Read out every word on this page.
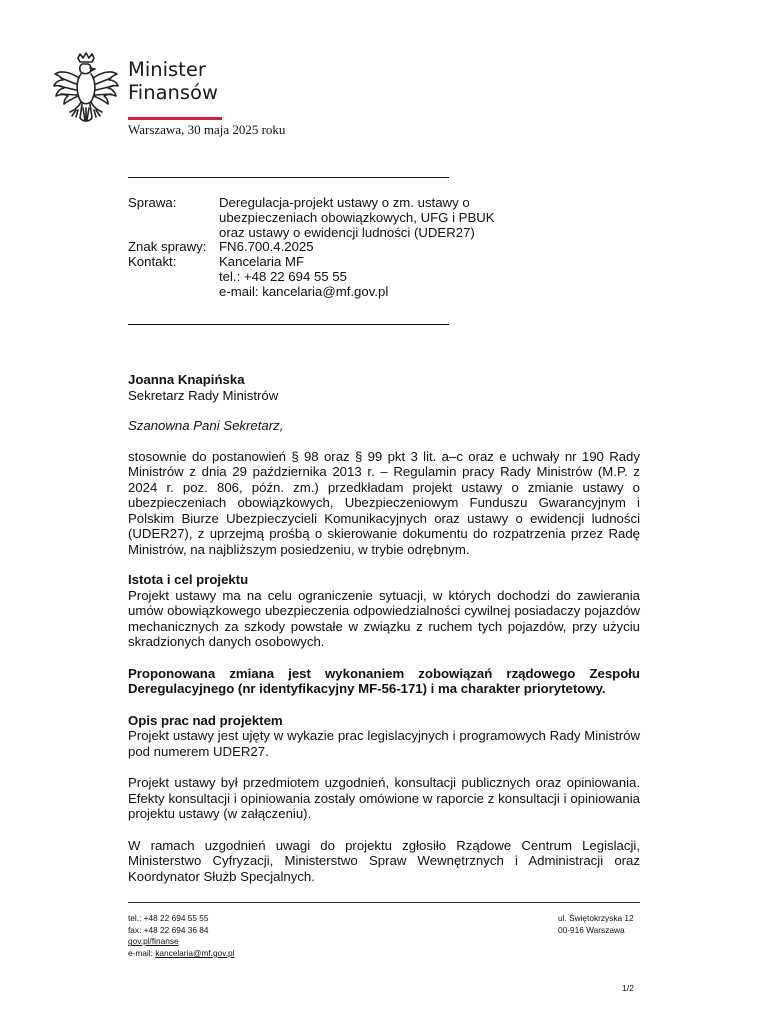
Minister
Finansów
Warszawa, 30 maja 2025 roku
Sprawa:	Deregulacja-projekt ustawy o zm. ustawy o
ubezpieczeniach obowiązkowych, UFG i PBUK
oraz ustawy o ewidencji ludności (UDER27)
Znak sprawy: FN6.700.4.2025
Kontakt:	Kancelaria MF
tel.: +48 22 694 55 55
e-mail: kancelaria@mf.gov.pl

Joanna Knapińska

Sekretarz Rady Ministrów

Szanowna Pani Sekretarz,

stosownie do postanowień § 98 oraz § 99 pkt 3 lit. a–c oraz e uchwały nr 190 Rady Ministrów z dnia 29 października 2013 r. – Regulamin pracy Rady Ministrów (M.P. z 2024 r. poz. 806, późn. zm.) przedkładam projekt ustawy o zmianie ustawy o ubezpieczeniach obowiązkowych, Ubezpieczeniowym Funduszu Gwarancyjnym i Polskim Biurze Ubezpieczycieli Komunikacyjnych oraz ustawy o ewidencji ludności (UDER27), z uprzejmą prośbą o skierowanie dokumentu do rozpatrzenia przez Radę Ministrów, na najbliższym posiedzeniu, w trybie odrębnym.

Istota i cel projektu

Projekt ustawy ma na celu ograniczenie sytuacji, w których dochodzi do zawierania umów obowiązkowego ubezpieczenia odpowiedzialności cywilnej posiadaczy pojazdów mechanicznych za szkody powstałe w związku z ruchem tych pojazdów, przy użyciu skradzionych danych osobowych.

Proponowana zmiana jest wykonaniem zobowiązań rządowego Zespołu Deregulacyjnego (nr identyfikacyjny MF-56-171) i ma charakter priorytetowy.

Opis prac nad projektem

Projekt ustawy jest ujęty w wykazie prac legislacyjnych i programowych Rady Ministrów pod numerem UDER27.

Projekt ustawy był przedmiotem uzgodnień, konsultacji publicznych oraz opiniowania. Efekty konsultacji i opiniowania zostały omówione w raporcie z konsultacji i opiniowania projektu ustawy (w załączeniu).

W ramach uzgodnień uwagi do projektu zgłosiło Rządowe Centrum Legislacji, Ministerstwo Cyfryzacji, Ministerstwo Spraw Wewnętrznych i Administracji oraz Koordynator Służb Specjalnych.

tel.: +48 22 694 55 55
fax: +48 22 694 36 84
gov.pl/finanse
e-mail: kancelaria@mf.gov.pl
ul. Świętokrzyska 12
00-916 Warszawa
1/2
